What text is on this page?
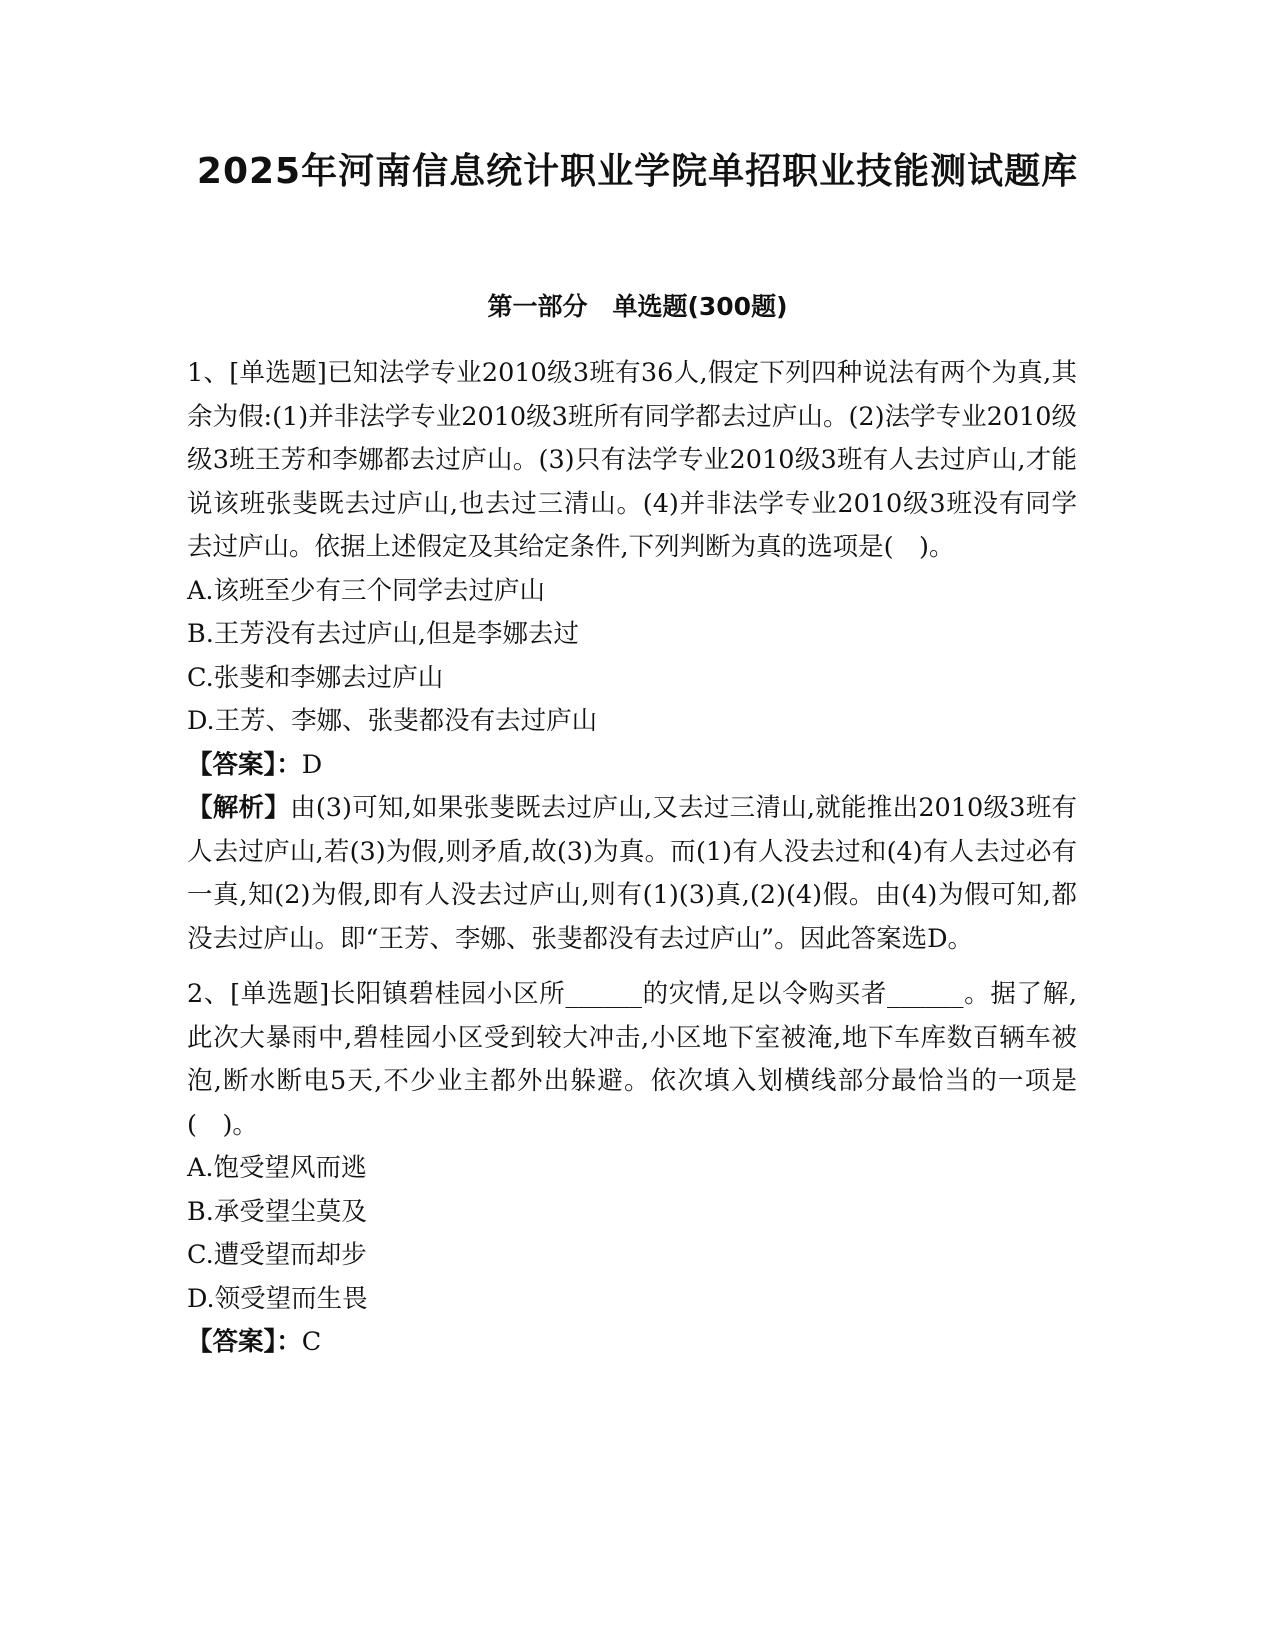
2025年河南信息统计职业学院单招职业技能测试题库
第一部分　单选题(300题)

1、[单选题]已知法学专业2010级3班有36人,假定下列四种说法有两个为真,其余为假:(1)并非法学专业2010级3班所有同学都去过庐山。(2)法学专业2010级级3班王芳和李娜都去过庐山。(3)只有法学专业2010级3班有人去过庐山,才能说该班张斐既去过庐山,也去过三清山。(4)并非法学专业2010级3班没有同学去过庐山。依据上述假定及其给定条件,下列判断为真的选项是(　)。

A.该班至少有三个同学去过庐山

B.王芳没有去过庐山,但是李娜去过

C.张斐和李娜去过庐山

D.王芳、李娜、张斐都没有去过庐山

【答案】：D

【解析】由(3)可知,如果张斐既去过庐山,又去过三清山,就能推出2010级3班有人去过庐山,若(3)为假,则矛盾,故(3)为真。而(1)有人没去过和(4)有人去过必有一真,知(2)为假,即有人没去过庐山,则有(1)(3)真,(2)(4)假。由(4)为假可知,都没去过庐山。即“王芳、李娜、张斐都没有去过庐山”。因此答案选D。

2、[单选题]长阳镇碧桂园小区所______的灾情,足以令购买者______。据了解,此次大暴雨中,碧桂园小区受到较大冲击,小区地下室被淹,地下车库数百辆车被泡,断水断电5天,不少业主都外出躲避。依次填入划横线部分最恰当的一项是(　)。

A.饱受望风而逃

B.承受望尘莫及

C.遭受望而却步

D.领受望而生畏

【答案】：C
